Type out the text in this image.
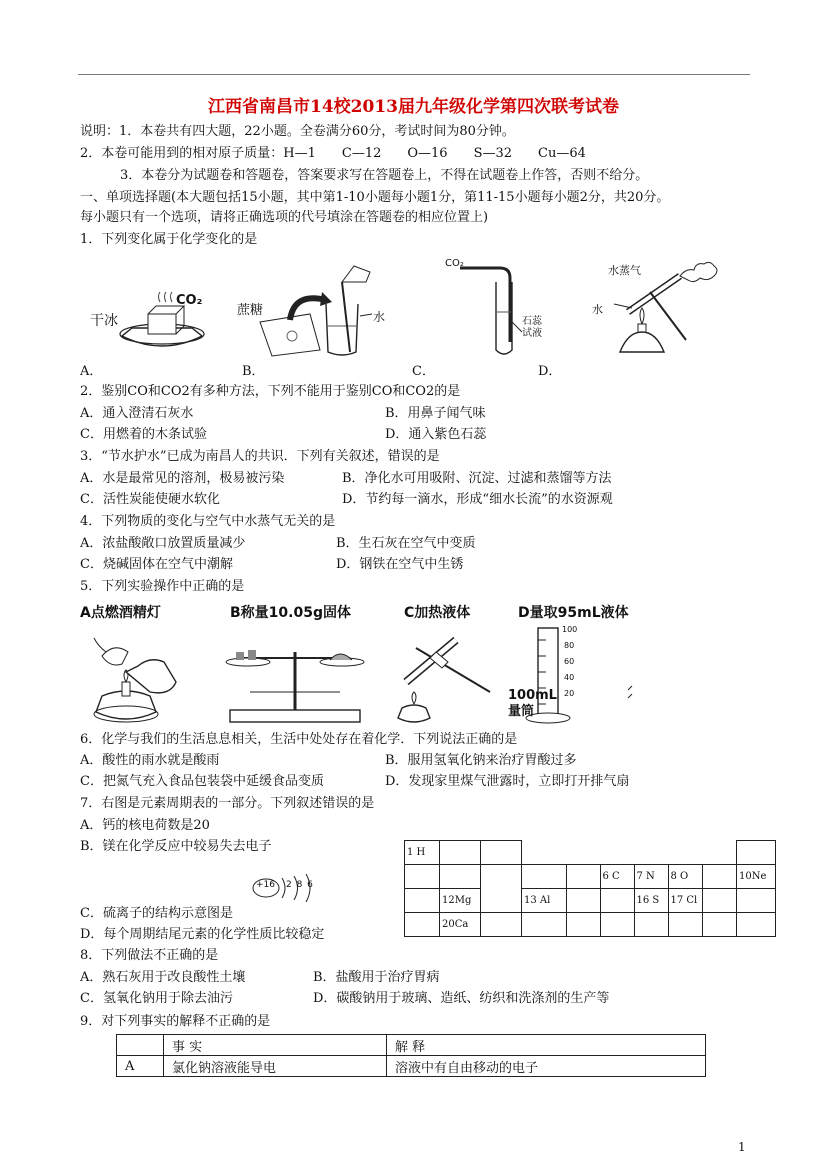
江西省南昌市14校2013届九年级化学第四次联考试卷
说明：1．本卷共有四大题，22小题。全卷满分60分，考试时间为80分钟。
2．本卷可能用到的相对原子质量：H—1　　C—12　　O—16　　S—32　　Cu—64
3．本卷分为试题卷和答题卷，答案要求写在答题卷上，不得在试题卷上作答，否则不给分。
一、单项选择题(本大题包括15小题，其中第1-10小题每小题1分，第11-15小题每小题2分，共20分。
每小题只有一个选项，请将正确选项的代号填涂在答题卷的相应位置上)
1．下列变化属于化学变化的是
干冰
CO₂
蔗糖	水
CO₂
石蕊
试液
水蒸气
水
A．	B．	C．	D．
2．鉴别CO和CO2有多种方法，下列不能用于鉴别CO和CO2的是
A．通入澄清石灰水	B．用鼻子闻气味
C．用燃着的木条试验	D．通入紫色石蕊
3．“节水护水”已成为南昌人的共识．下列有关叙述，错误的是
A．水是最常见的溶剂，极易被污染	B．净化水可用吸附、沉淀、过滤和蒸馏等方法
C．活性炭能使硬水软化	D．节约每一滴水，形成“细水长流”的水资源观
4．下列物质的变化与空气中水蒸气无关的是
A．浓盐酸敞口放置质量减少	B．生石灰在空气中变质
C．烧碱固体在空气中潮解	D．钢铁在空气中生锈
5．下列实验操作中正确的是
A点燃酒精灯	B称量10.05g固体	C加热液体	D量取95mL液体
100
80
60
40
20
100mL
量筒
6．化学与我们的生活息息相关，生活中处处存在着化学．下列说法正确的是
A．酸性的雨水就是酸雨	B．服用氢氧化钠来治疗胃酸过多
C．把氮气充入食品包装袋中延缓食品变质	D．发现家里煤气泄露时，立即打开排气扇
7．右图是元素周期表的一部分。下列叙述错误的是
A．钙的核电荷数是20
B．镁在化学反应中较易失去电子
+16 2 8 6
C．硫离子的结构示意图是
D．每个周期结尾元素的化学性质比较稳定
1 H									
					6 C	7 N	8 O		10Ne
	12Mg		13 Al			16 S	17 Cl		
	20Ca								
8．下列做法不正确的是
A．熟石灰用于改良酸性土壤	B．盐酸用于治疗胃病
C．氢氧化钠用于除去油污	D．碳酸钠用于玻璃、造纸、纺织和洗涤剂的生产等
9．对下列事实的解释不正确的是
	事 实	解 释
A	氯化钠溶液能导电	溶液中有自由移动的电子
1
